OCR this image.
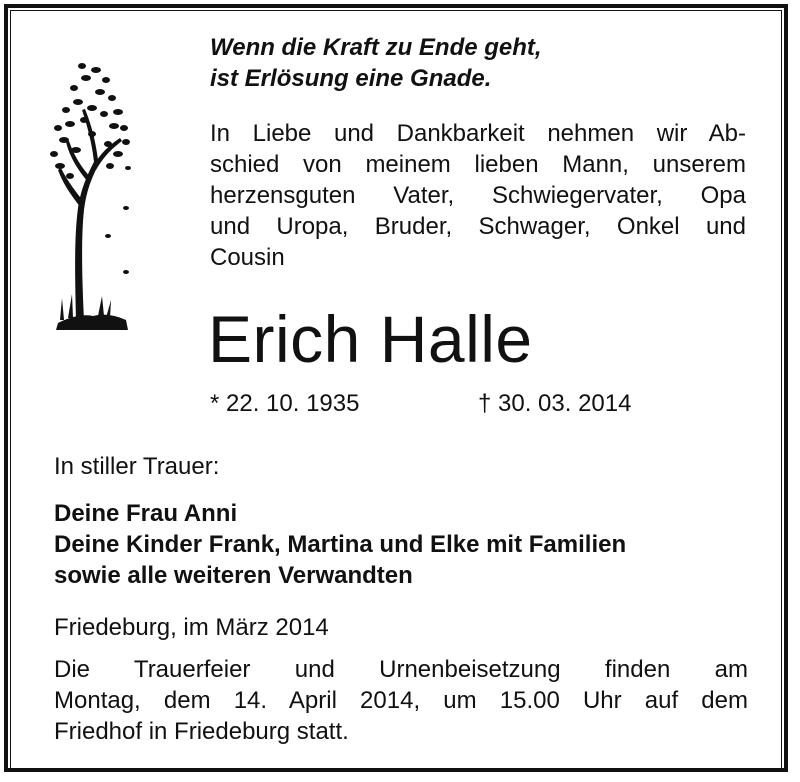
Wenn die Kraft zu Ende geht,
ist Erlösung eine Gnade.
In Liebe und Dankbarkeit nehmen wir Ab-
schied von meinem lieben Mann, unserem
herzensguten Vater, Schwiegervater, Opa
und Uropa, Bruder, Schwager, Onkel und
Cousin
Erich Halle
* 22. 10. 1935	† 30. 03. 2014
In stiller Trauer:
Deine Frau Anni
Deine Kinder Frank, Martina und Elke mit Familien
sowie alle weiteren Verwandten
Friedeburg, im März 2014
Die Trauerfeier und Urnenbeisetzung finden am
Montag, dem 14. April 2014, um 15.00 Uhr auf dem
Friedhof in Friedeburg statt.
